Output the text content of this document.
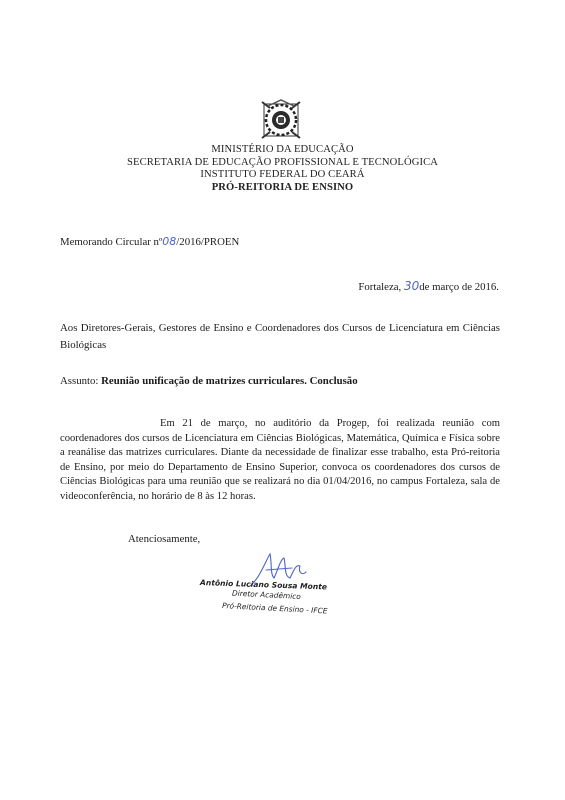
MINISTÉRIO DA EDUCAÇÃO
SECRETARIA DE EDUCAÇÃO PROFISSIONAL E TECNOLÓGICA
INSTITUTO FEDERAL DO CEARÁ
PRÓ-REITORIA DE ENSINO
Memorando Circular nº08/2016/PROEN
Fortaleza, 30de março de 2016.
Aos Diretores-Gerais, Gestores de Ensino e Coordenadores dos Cursos de Licenciatura em Ciências Biológicas
Assunto: Reunião unificação de matrizes curriculares. Conclusão
Em 21 de março, no auditório da Progep, foi realizada reunião com coordenadores dos cursos de Licenciatura em Ciências Biológicas, Matemática, Química e Física sobre a reanálise das matrizes curriculares. Diante da necessidade de finalizar esse trabalho, esta Pró-reitoria de Ensino, por meio do Departamento de Ensino Superior, convoca os coordenadores dos cursos de Ciências Biológicas para uma reunião que se realizará no dia 01/04/2016, no campus Fortaleza, sala de videoconferência, no horário de 8 às 12 horas.
Atenciosamente,
Antônio Luciano Sousa Monte
Diretor Acadêmico
Pró-Reitoria de Ensino - IFCE
